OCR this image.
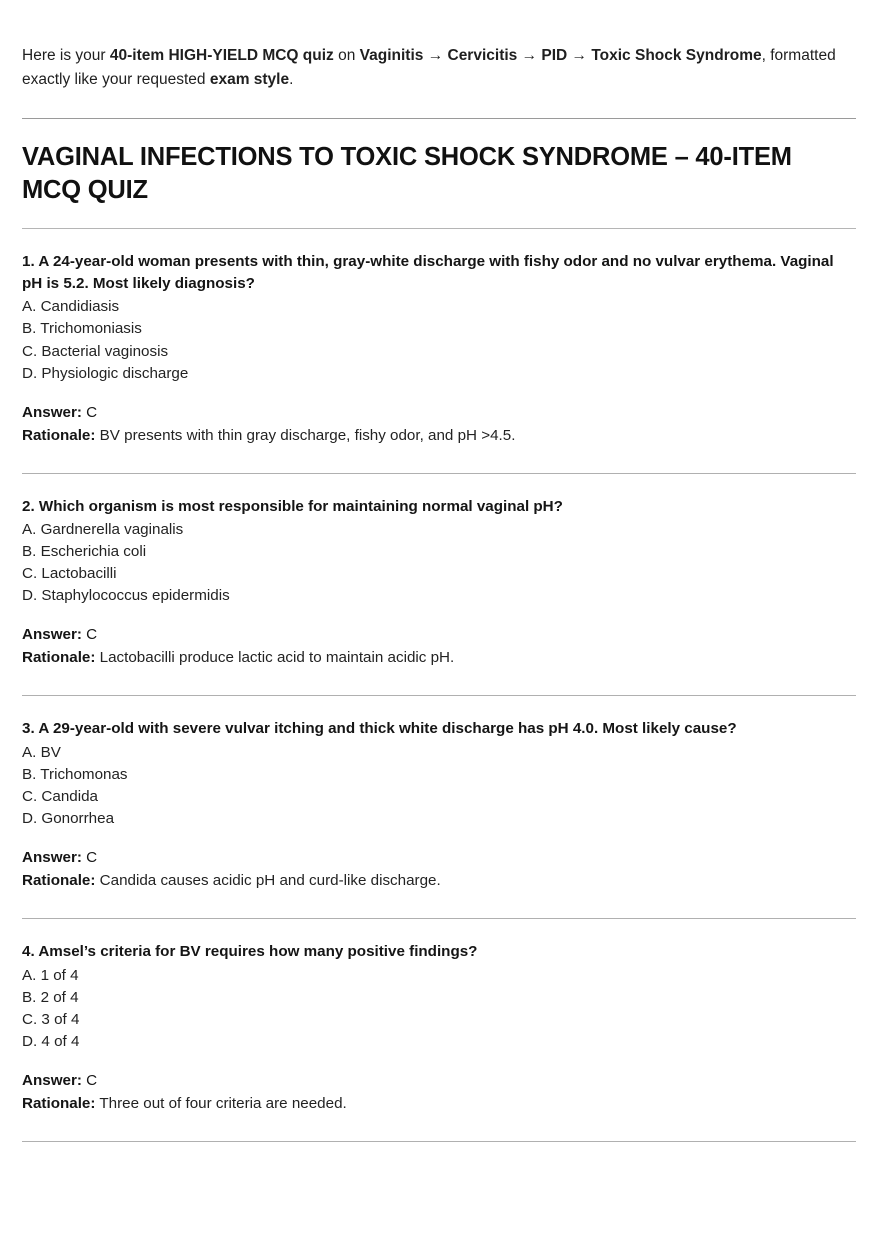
Here is your 40-item HIGH-YIELD MCQ quiz on Vaginitis → Cervicitis → PID → Toxic Shock Syndrome, formatted exactly like your requested exam style.

VAGINAL INFECTIONS TO TOXIC SHOCK SYNDROME – 40-ITEM MCQ QUIZ

1. A 24-year-old woman presents with thin, gray-white discharge with fishy odor and no vulvar erythema. Vaginal pH is 5.2. Most likely diagnosis?

A. Candidiasis

B. Trichomoniasis

C. Bacterial vaginosis

D. Physiologic discharge

Answer: C

Rationale: BV presents with thin gray discharge, fishy odor, and pH >4.5.

2. Which organism is most responsible for maintaining normal vaginal pH?

A. Gardnerella vaginalis

B. Escherichia coli

C. Lactobacilli

D. Staphylococcus epidermidis

Answer: C

Rationale: Lactobacilli produce lactic acid to maintain acidic pH.

3. A 29-year-old with severe vulvar itching and thick white discharge has pH 4.0. Most likely cause?

A. BV

B. Trichomonas

C. Candida

D. Gonorrhea

Answer: C

Rationale: Candida causes acidic pH and curd-like discharge.

4. Amsel’s criteria for BV requires how many positive findings?

A. 1 of 4

B. 2 of 4

C. 3 of 4

D. 4 of 4

Answer: C

Rationale: Three out of four criteria are needed.
